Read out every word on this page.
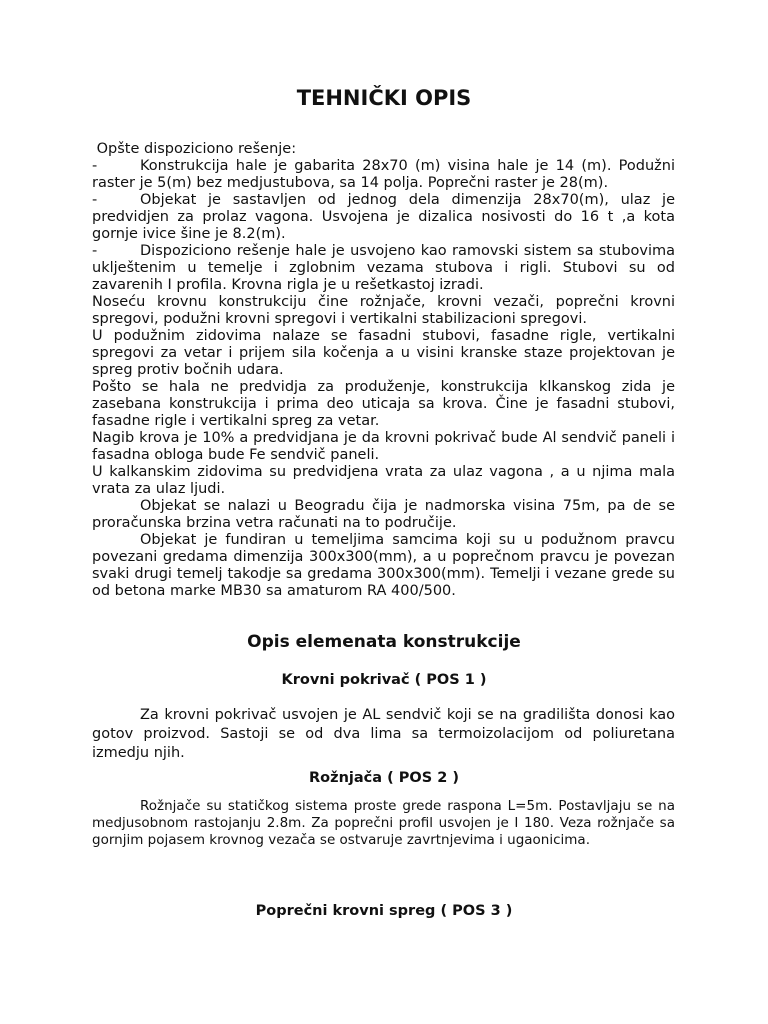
TEHNIČKI OPIS

Opšte dispoziciono rešenje:

-	Konstrukcija hale je gabarita 28x70 (m) visina hale je 14 (m). Podužni raster je 5(m) bez medjustubova, sa 14 polja. Poprečni raster je 28(m).

-	Objekat je sastavljen od jednog dela dimenzija 28x70(m), ulaz je predvidjen za prolaz vagona. Usvojena je dizalica nosivosti do 16 t ,a kota gornje ivice šine je 8.2(m).

-	Dispoziciono rešenje hale je usvojeno kao ramovski sistem sa stubovima uklještenim u temelje i zglobnim vezama stubova i rigli. Stubovi su od zavarenih I profila. Krovna rigla je u rešetkastoj izradi.

Noseću krovnu konstrukciju čine rožnjače, krovni vezači, poprečni krovni spregovi, podužni krovni spregovi i vertikalni stabilizacioni spregovi.

U podužnim zidovima nalaze se fasadni stubovi, fasadne rigle, vertikalni spregovi za vetar i prijem sila kočenja a u visini kranske staze projektovan je spreg protiv bočnih udara.

Pošto se hala ne predvidja za produženje, konstrukcija klkanskog zida je zasebana konstrukcija i prima deo uticaja sa krova. Čine je fasadni stubovi, fasadne rigle i vertikalni spreg za vetar.

Nagib krova je 10% a predvidjana je da krovni pokrivač bude Al sendvič paneli i fasadna obloga bude Fe sendvič paneli.

U kalkanskim zidovima su predvidjena vrata za ulaz vagona , a u njima mala vrata za ulaz ljudi.

Objekat se nalazi u Beogradu čija je nadmorska visina 75m, pa de se proračunska brzina vetra računati na to područije.

Objekat je fundiran u temeljima samcima koji su u podužnom pravcu povezani gredama dimenzija 300x300(mm), a u poprečnom pravcu je povezan svaki drugi temelj takodje sa gredama 300x300(mm). Temelji i vezane grede su od betona marke MB30 sa amaturom RA 400/500.

Opis elemenata konstrukcije
Krovni pokrivač ( POS 1 )

Za krovni pokrivač usvojen je AL sendvič koji se na gradilišta donosi kao gotov proizvod. Sastoji se od dva lima sa termoizolacijom od poliuretana izmedju njih.

Rožnjača ( POS 2 )

Rožnjače su statičkog sistema proste grede raspona L=5m. Postavljaju se na medjusobnom rastojanju 2.8m. Za poprečni profil usvojen je I 180. Veza rožnjače sa gornjim pojasem krovnog vezača se ostvaruje zavrtnjevima i ugaonicima.

Poprečni krovni spreg ( POS 3 )
